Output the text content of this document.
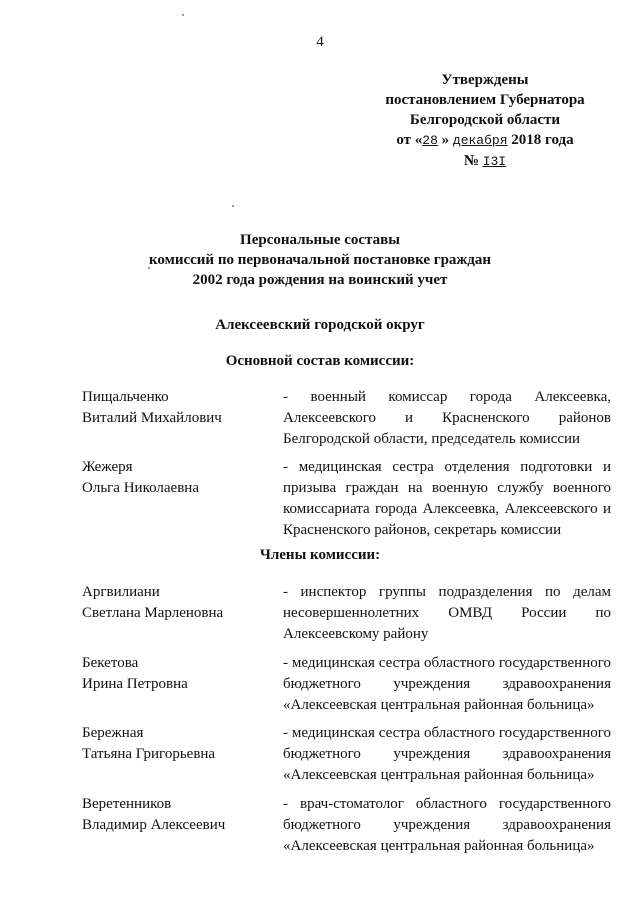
4
Утверждены
постановлением Губернатора
Белгородской области
от «28 » декабря 2018 года
№ I3I
Персональные составы
комиссий по первоначальной постановке граждан
2002 года рождения на воинский учет
Алексеевский городской округ
Основной состав комиссии:
Пищальченко
Виталий Михайлович
- военный комиссар города Алексеевка, Алексеевского и Красненского районов Белгородской области, председатель комиссии
Жежеря
Ольга Николаевна
- медицинская сестра отделения подготовки и призыва граждан на военную службу военного комиссариата города Алексеевка, Алексеевского и Красненского районов, секретарь комиссии
Члены комиссии:
Аргвилиани
Светлана Марленовна
- инспектор группы подразделения по делам несовершеннолетних ОМВД России по Алексеевскому району
Бекетова
Ирина Петровна
- медицинская сестра областного государственного бюджетного учреждения здравоохранения «Алексеевская центральная районная больница»
Бережная
Татьяна Григорьевна
- медицинская сестра областного государственного бюджетного учреждения здравоохранения «Алексеевская центральная районная больница»
Веретенников
Владимир Алексеевич
- врач-стоматолог областного государственного бюджетного учреждения здравоохранения «Алексеевская центральная районная больница»
